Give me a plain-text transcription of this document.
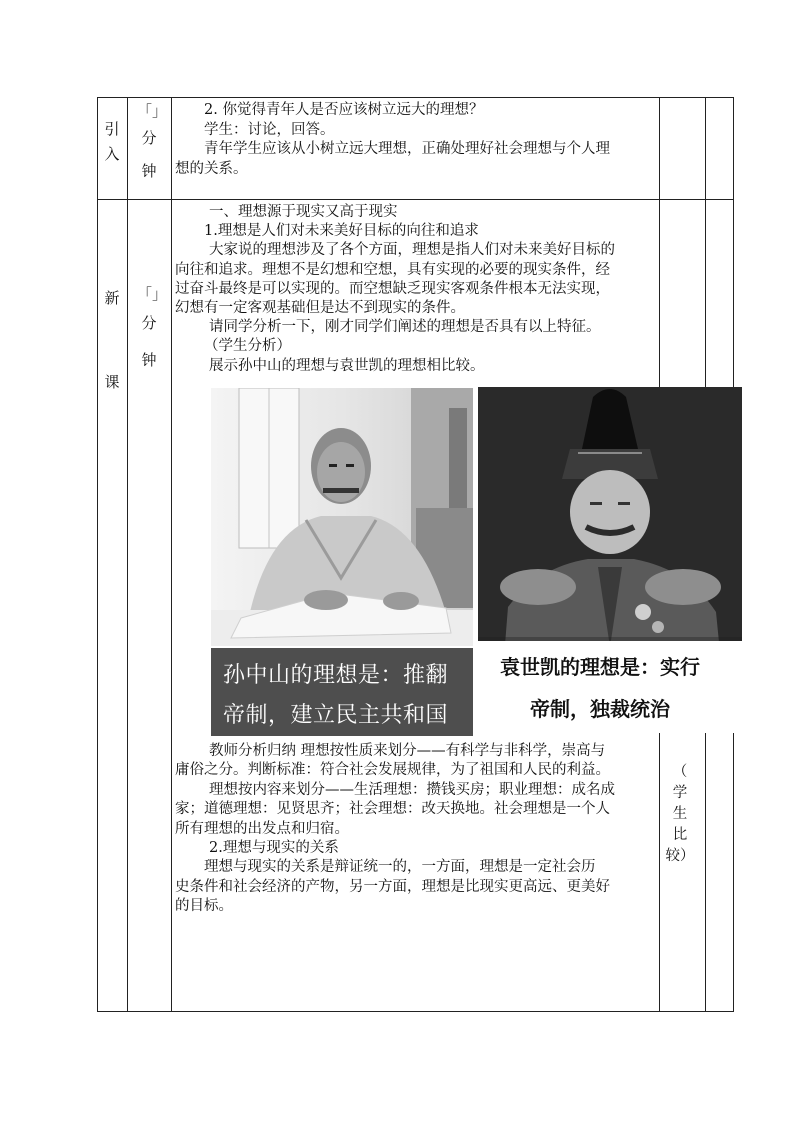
引
入
「」
分
钟

2. 你觉得青年人是否应该树立远大的理想？

学生：讨论，回答。

青年学生应该从小树立远大理想，正确处理好社会理想与个人理

想的关系。

新
课
「」
分
钟

一、理想源于现实又高于现实

1.理想是人们对未来美好目标的向往和追求

大家说的理想涉及了各个方面，理想是指人们对未来美好目标的

向往和追求。理想不是幻想和空想，具有实现的必要的现实条件，经

过奋斗最终是可以实现的。而空想缺乏现实客观条件根本无法实现，

幻想有一定客观基础但是达不到现实的条件。

请同学分析一下，刚才同学们阐述的理想是否具有以上特征。

（学生分析）

展示孙中山的理想与袁世凯的理想相比较。

孙中山的理想是：推翻
帝制，建立民主共和国
袁世凯的理想是：实行
帝制，独裁统治

教师分析归纳 理想按性质来划分——有科学与非科学，崇高与

庸俗之分。判断标准：符合社会发展规律，为了祖国和人民的利益。

理想按内容来划分——生活理想：攒钱买房；职业理想：成名成

家；道德理想：见贤思齐；社会理想：改天换地。社会理想是一个人

所有理想的出发点和归宿。

2.理想与现实的关系

理想与现实的关系是辩证统一的，一方面，理想是一定社会历

史条件和社会经济的产物，另一方面，理想是比现实更高远、更美好

的目标。

（
学
生
比
较）
